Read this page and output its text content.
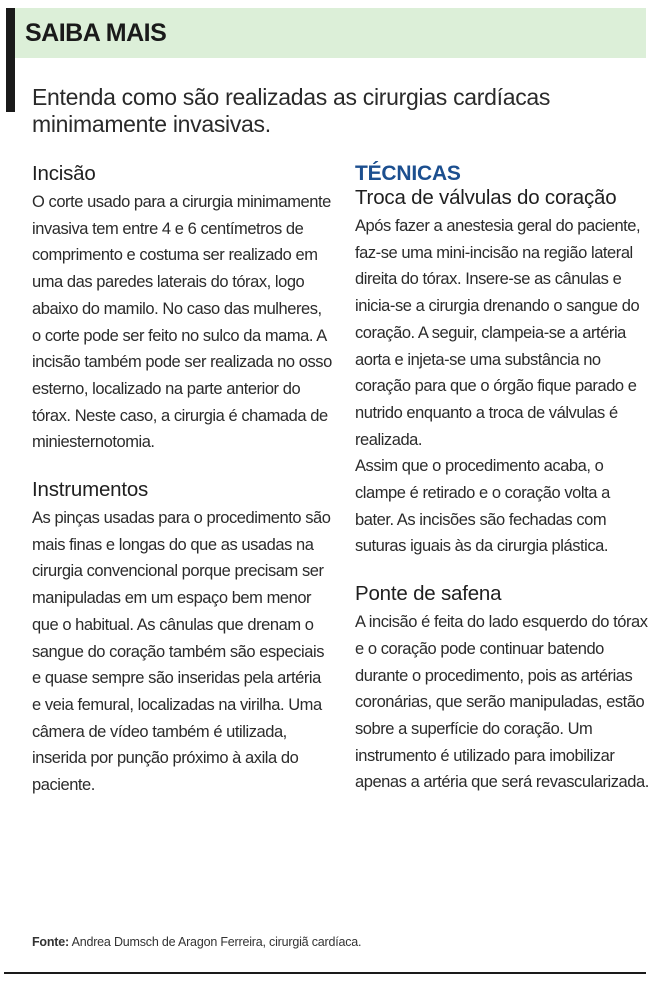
SAIBA MAIS
Entenda como são realizadas as cirurgias cardíacas minimamente invasivas.
Incisão

O corte usado para a cirurgia minimamente invasiva tem entre 4 e 6 centímetros de comprimento e costuma ser realizado em uma das paredes laterais do tórax, logo abaixo do mamilo. No caso das mulheres, o corte pode ser feito no sulco da mama. A incisão também pode ser realizada no osso esterno, localizado na parte anterior do tórax. Neste caso, a cirurgia é chamada de miniesternotomia.

Instrumentos

As pinças usadas para o procedimento são mais finas e longas do que as usadas na cirurgia convencional porque precisam ser manipuladas em um espaço bem menor que o habitual. As cânulas que drenam o sangue do coração também são especiais e quase sempre são inseridas pela artéria e veia femural, localizadas na virilha. Uma câmera de vídeo também é utilizada, inserida por punção próximo à axila do paciente.

TÉCNICAS
Troca de válvulas do coração

Após fazer a anestesia geral do paciente, faz-se uma mini-incisão na região lateral direita do tórax. Insere-se as cânulas e inicia-se a cirurgia drenando o sangue do coração. A seguir, clampeia-se a artéria aorta e injeta-se uma substância no coração para que o órgão fique parado e nutrido enquanto a troca de válvulas é realizada.

Assim que o procedimento acaba, o clampe é retirado e o coração volta a bater. As incisões são fechadas com suturas iguais às da cirurgia plástica.

Ponte de safena

A incisão é feita do lado esquerdo do tórax e o coração pode continuar batendo durante o procedimento, pois as artérias coronárias, que serão manipuladas, estão sobre a superfície do coração. Um instrumento é utilizado para imobilizar apenas a artéria que será revascularizada.

Fonte: Andrea Dumsch de Aragon Ferreira, cirurgiã cardíaca.
